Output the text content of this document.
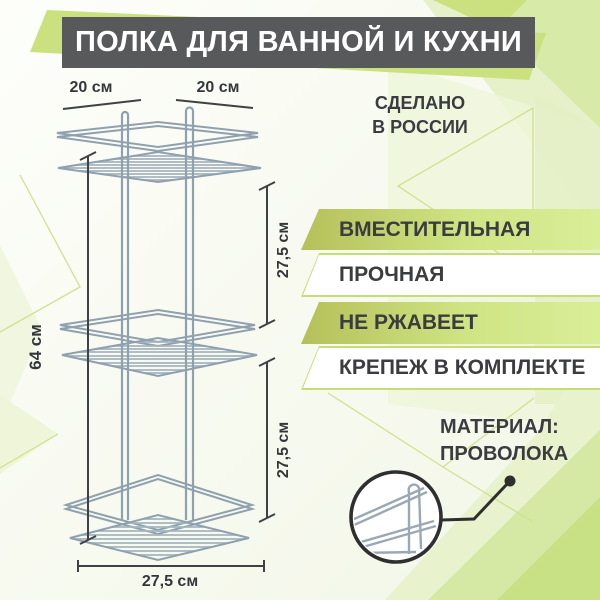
ПОЛКА ДЛЯ ВАННОЙ И КУХНИ
СДЕЛАНО
В РОССИИ
ВМЕСТИТЕЛЬНАЯ
ПРОЧНАЯ
НЕ РЖАВЕЕТ
КРЕПЕЖ В КОМПЛЕКТЕ
МАТЕРИАЛ:
ПРОВОЛОКА
20 см	20 см
64 см
27,5 см
27,5 см
27,5 см
